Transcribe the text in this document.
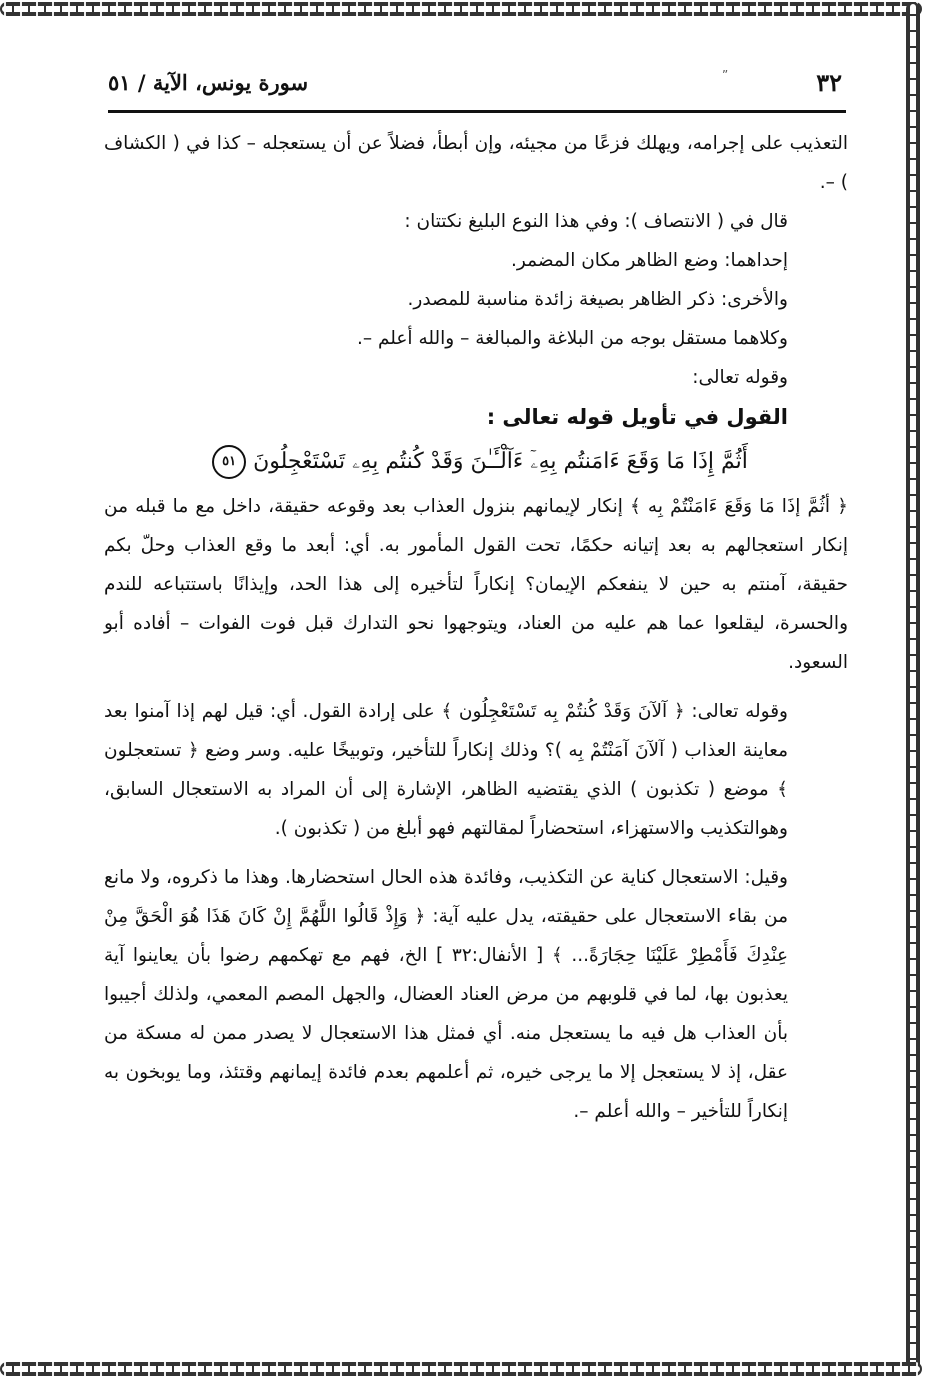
٣٢
سورة يونس، الآية / ٥١	ˮ

التعذيب على إجرامه، ويهلك فزعًا من مجيئه، وإن أبطأ، فضلاً عن أن يستعجله – كذا في ( الكشاف ) –.

قال في ( الانتصاف ): وفي هذا النوع البليغ نكتتان :

إحداهما: وضع الظاهر مكان المضمر.

والأخرى: ذكر الظاهر بصيغة زائدة مناسبة للمصدر.

وكلاهما مستقل بوجه من البلاغة والمبالغة – والله أعلم –.

وقوله تعالى:

القول في تأويل قوله تعالى :

أَثُمَّ إِذَا مَا وَقَعَ ءَامَنتُم بِهِۦٓ ءَآلْـَٔـٰنَ وَقَدْ كُنتُم بِهِۦ تَسْتَعْجِلُونَ ٥١

﴿ أثُمَّ إذَا مَا وَقَعَ ءَامَنْتُمْ بِه ﴾ إنكار لإيمانهم بنزول العذاب بعد وقوعه حقيقة، داخل مع ما قبله من إنكار استعجالهم به بعد إتيانه حكمًا، تحت القول المأمور به. أي: أبعد ما وقع العذاب وحلّ بكم حقيقة، آمنتم به حين لا ينفعكم الإيمان؟ إنكاراً لتأخيره إلى هذا الحد، وإيذانًا باستتباعه للندم والحسرة، ليقلعوا عما هم عليه من العناد، ويتوجهوا نحو التدارك قبل فوت الفوات – أفاده أبو السعود.

وقوله تعالى: ﴿ آلآنَ وَقَدْ كُنتُمْ بِه تَسْتَعْجِلُون ﴾ على إرادة القول. أي: قيل لهم إذا آمنوا بعد معاينة العذاب ( آلآنَ آمَنْتُمْ بِه )؟ وذلك إنكاراً للتأخير، وتوبيخًا عليه. وسر وضع ﴿ تستعجلون ﴾ موضع ( تكذبون ) الذي يقتضيه الظاهر، الإشارة إلى أن المراد به الاستعجال السابق، وهوالتكذيب والاستهزاء، استحضاراً لمقالتهم فهو أبلغ من ( تكذبون ).

وقيل: الاستعجال كناية عن التكذيب، وفائدة هذه الحال استحضارها. وهذا ما ذكروه، ولا مانع من بقاء الاستعجال على حقيقته، يدل عليه آية: ﴿ وَإِذْ قَالُوا اللَّهُمَّ إِنْ كَانَ هَذَا هُوَ الْحَقَّ مِنْ عِنْدِكَ فَأَمْطِرْ عَلَيْنَا حِجَارَةً... ﴾ [ الأنفال:٣٢ ] الخ، فهم مع تهكمهم رضوا بأن يعاينوا آية يعذبون بها، لما في قلوبهم من مرض العناد العضال، والجهل المصم المعمي، ولذلك أجيبوا بأن العذاب هل فيه ما يستعجل منه. أي فمثل هذا الاستعجال لا يصدر ممن له مسكة من عقل، إذ لا يستعجل إلا ما يرجى خيره، ثم أعلمهم بعدم فائدة إيمانهم وقتئذ، وما يوبخون به إنكاراً للتأخير – والله أعلم –.
